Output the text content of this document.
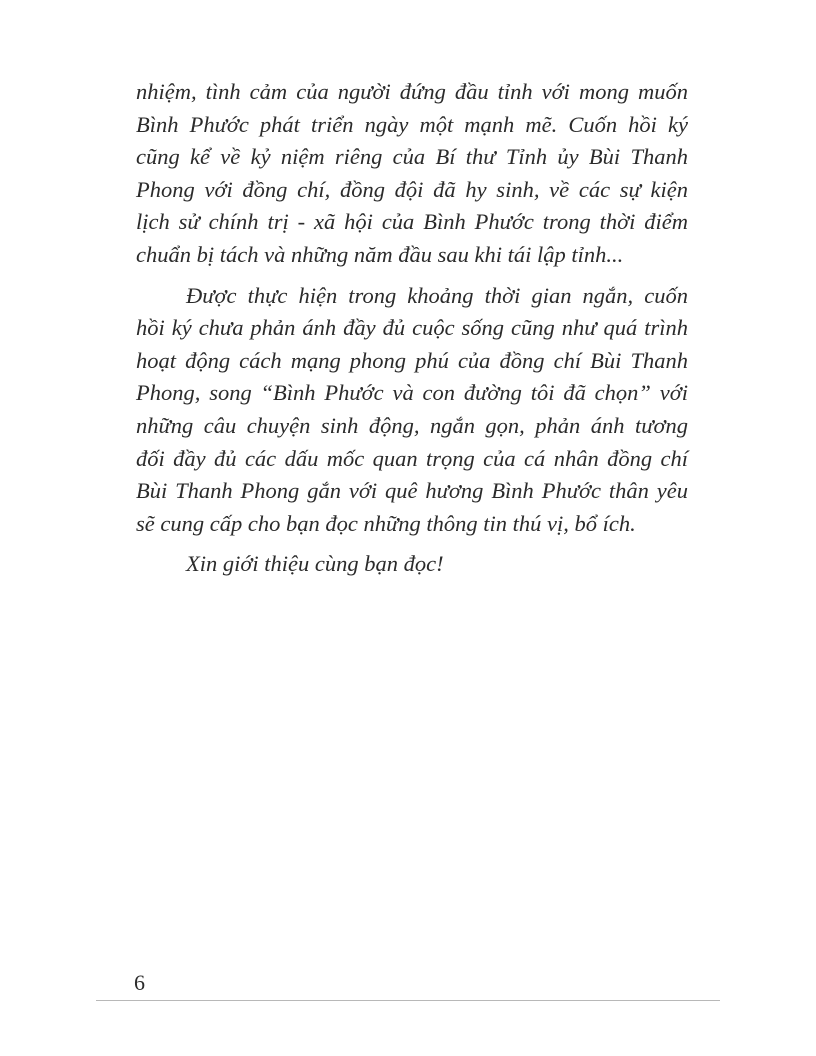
nhiệm, tình cảm của người đứng đầu tỉnh với mong muốn
Bình Phước phát triển ngày một mạnh mẽ. Cuốn hồi ký
cũng kể về kỷ niệm riêng của Bí thư Tỉnh ủy Bùi Thanh
Phong với đồng chí, đồng đội đã hy sinh, về các sự kiện
lịch sử chính trị - xã hội của Bình Phước trong thời điểm
chuẩn bị tách và những năm đầu sau khi tái lập tỉnh...
Được thực hiện trong khoảng thời gian ngắn, cuốn
hồi ký chưa phản ánh đầy đủ cuộc sống cũng như quá trình
hoạt động cách mạng phong phú của đồng chí Bùi Thanh
Phong, song “Bình Phước và con đường tôi đã chọn” với
những câu chuyện sinh động, ngắn gọn, phản ánh tương
đối đầy đủ các dấu mốc quan trọng của cá nhân đồng chí
Bùi Thanh Phong gắn với quê hương Bình Phước thân yêu
sẽ cung cấp cho bạn đọc những thông tin thú vị, bổ ích.
Xin giới thiệu cùng bạn đọc!
6
